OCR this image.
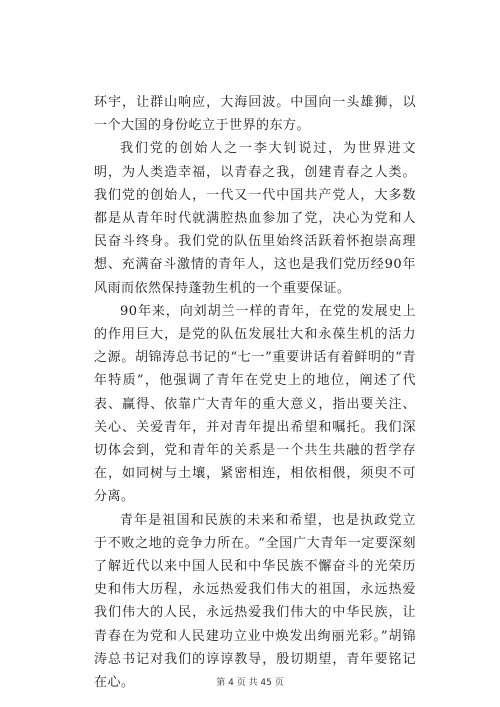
环宇，让群山响应，大海回波。中国向一头雄狮，以一个大国的身份屹立于世界的东方。

我们党的创始人之一李大钊说过，为世界进文明，为人类造幸福，以青春之我，创建青春之人类。我们党的创始人，一代又一代中国共产党人，大多数都是从青年时代就满腔热血参加了党，决心为党和人民奋斗终身。我们党的队伍里始终活跃着怀抱崇高理想、充满奋斗激情的青年人，这也是我们党历经90年风雨而依然保持蓬勃生机的一个重要保证。

90年来，向刘胡兰一样的青年，在党的发展史上的作用巨大，是党的队伍发展壮大和永葆生机的活力之源。胡锦涛总书记的“七一”重要讲话有着鲜明的“青年特质”，他强调了青年在党史上的地位，阐述了代表、赢得、依靠广大青年的重大意义，指出要关注、关心、关爱青年，并对青年提出希望和嘱托。我们深切体会到，党和青年的关系是一个共生共融的哲学存在，如同树与土壤，紧密相连，相依相偎，须臾不可分离。

青年是祖国和民族的未来和希望，也是执政党立于不败之地的竞争力所在。“全国广大青年一定要深刻了解近代以来中国人民和中华民族不懈奋斗的光荣历史和伟大历程，永远热爱我们伟大的祖国，永远热爱我们伟大的人民，永远热爱我们伟大的中华民族，让青春在为党和人民建功立业中焕发出绚丽光彩。”胡锦涛总书记对我们的谆谆教导，殷切期望，青年要铭记在心。	第 4 页 共 45 页
